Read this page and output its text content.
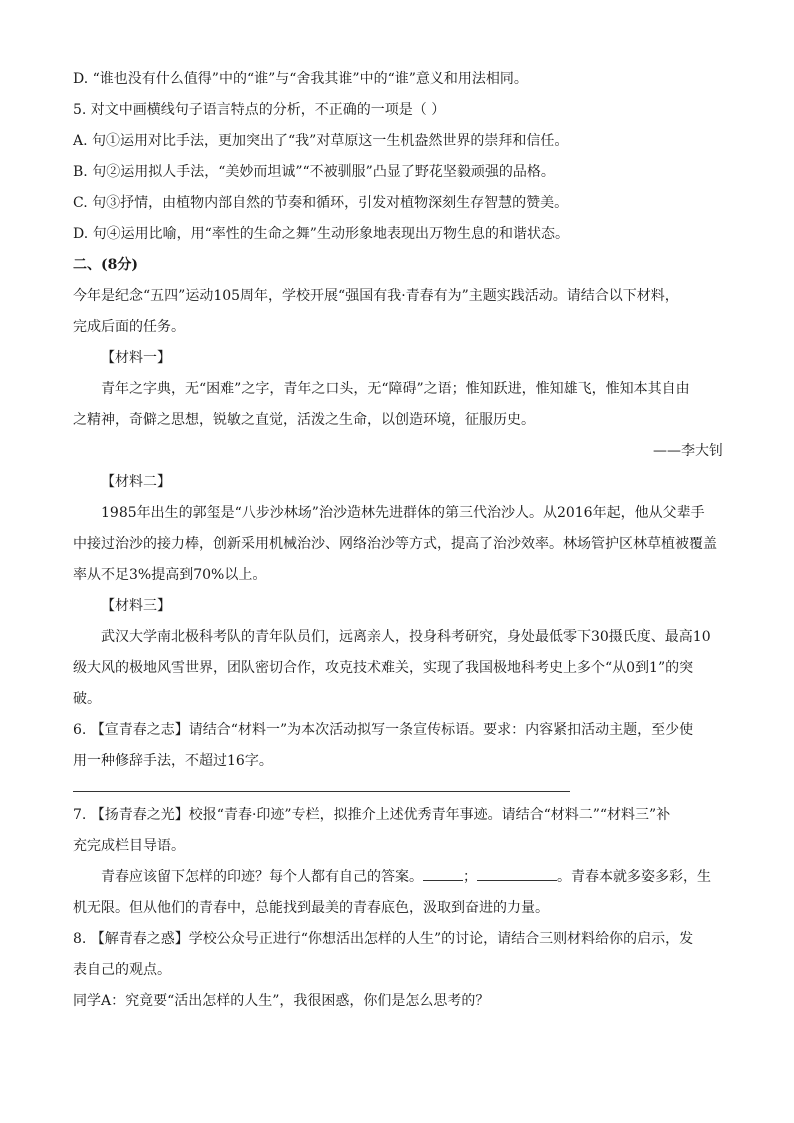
D. “谁也没有什么值得”中的“谁”与“舍我其谁”中的“谁”意义和用法相同。
5. 对文中画横线句子语言特点的分析，不正确的一项是（ ）
A. 句①运用对比手法，更加突出了“我”对草原这一生机盎然世界的崇拜和信任。
B. 句②运用拟人手法，“美妙而坦诚”“不被驯服”凸显了野花坚毅顽强的品格。
C. 句③抒情，由植物内部自然的节奏和循环，引发对植物深刻生存智慧的赞美。
D. 句④运用比喻，用“率性的生命之舞”生动形象地表现出万物生息的和谐状态。
二、(8分)
今年是纪念“五四”运动105周年，学校开展“强国有我·青春有为”主题实践活动。请结合以下材料，
完成后面的任务。
【材料一】
青年之字典，无“困难”之字，青年之口头，无“障碍”之语；惟知跃进，惟知雄飞，惟知本其自由
之精神，奇僻之思想，锐敏之直觉，活泼之生命，以创造环境，征服历史。
——李大钊
【材料二】
1985年出生的郭玺是“八步沙林场”治沙造林先进群体的第三代治沙人。从2016年起，他从父辈手
中接过治沙的接力棒，创新采用机械治沙、网络治沙等方式，提高了治沙效率。林场管护区林草植被覆盖
率从不足3%提高到70%以上。
【材料三】
武汉大学南北极科考队的青年队员们，远离亲人，投身科考研究，身处最低零下30摄氏度、最高10
级大风的极地风雪世界，团队密切合作，攻克技术难关，实现了我国极地科考史上多个“从0到1”的突
破。
6. 【宣青春之志】请结合“材料一”为本次活动拟写一条宣传标语。要求：内容紧扣活动主题，至少使
用一种修辞手法，不超过16字。
7. 【扬青春之光】校报“青春·印迹”专栏，拟推介上述优秀青年事迹。请结合“材料二”“材料三”补
充完成栏目导语。
青春应该留下怎样的印迹？每个人都有自己的答案。	；	。青春本就多姿多彩，生
机无限。但从他们的青春中，总能找到最美的青春底色，汲取到奋进的力量。
8. 【解青春之惑】学校公众号正进行“你想活出怎样的人生”的讨论，请结合三则材料给你的启示，发
表自己的观点。
同学A：究竟要“活出怎样的人生”，我很困惑，你们是怎么思考的？
